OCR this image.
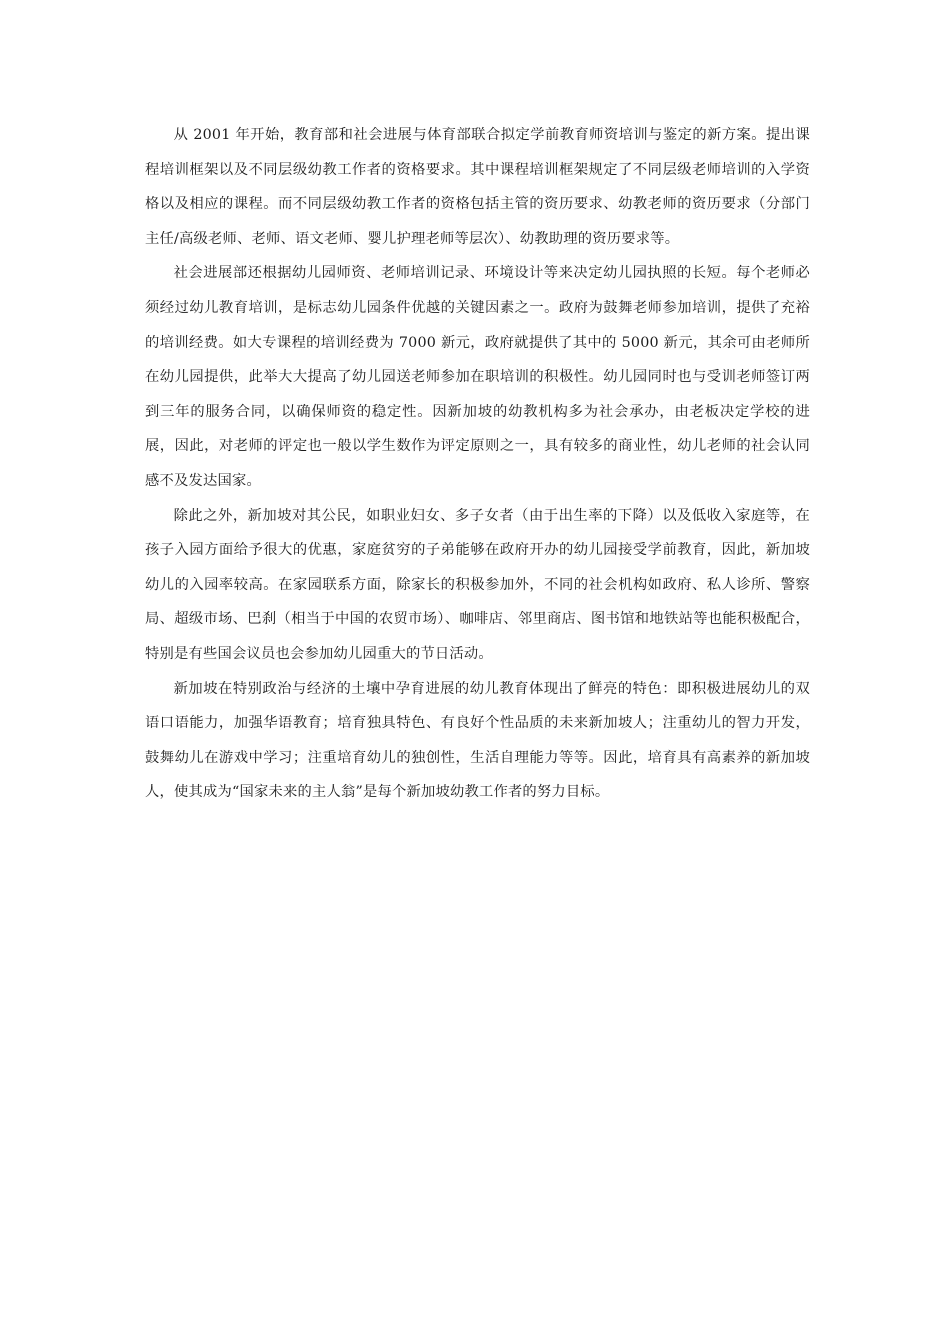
从 2001 年开始，教育部和社会进展与体育部联合拟定学前教育师资培训与鉴定的新方案。提出课程培训框架以及不同层级幼教工作者的资格要求。其中课程培训框架规定了不同层级老师培训的入学资格以及相应的课程。而不同层级幼教工作者的资格包括主管的资历要求、幼教老师的资历要求（分部门主任/高级老师、老师、语文老师、婴儿护理老师等层次）、幼教助理的资历要求等。

社会进展部还根据幼儿园师资、老师培训记录、环境设计等来决定幼儿园执照的长短。每个老师必须经过幼儿教育培训，是标志幼儿园条件优越的关键因素之一。政府为鼓舞老师参加培训，提供了充裕的培训经费。如大专课程的培训经费为 7000 新元，政府就提供了其中的 5000 新元，其余可由老师所在幼儿园提供，此举大大提高了幼儿园送老师参加在职培训的积极性。幼儿园同时也与受训老师签订两到三年的服务合同，以确保师资的稳定性。因新加坡的幼教机构多为社会承办，由老板决定学校的进展，因此，对老师的评定也一般以学生数作为评定原则之一，具有较多的商业性，幼儿老师的社会认同感不及发达国家。

除此之外，新加坡对其公民，如职业妇女、多子女者（由于出生率的下降）以及低收入家庭等，在孩子入园方面给予很大的优惠，家庭贫穷的子弟能够在政府开办的幼儿园接受学前教育，因此，新加坡幼儿的入园率较高。在家园联系方面，除家长的积极参加外，不同的社会机构如政府、私人诊所、警察局、超级市场、巴刹（相当于中国的农贸市场）、咖啡店、邻里商店、图书馆和地铁站等也能积极配合，特别是有些国会议员也会参加幼儿园重大的节日活动。

新加坡在特别政治与经济的土壤中孕育进展的幼儿教育体现出了鲜亮的特色：即积极进展幼儿的双语口语能力，加强华语教育；培育独具特色、有良好个性品质的未来新加坡人；注重幼儿的智力开发，鼓舞幼儿在游戏中学习；注重培育幼儿的独创性，生活自理能力等等。因此，培育具有高素养的新加坡人，使其成为“国家未来的主人翁”是每个新加坡幼教工作者的努力目标。
